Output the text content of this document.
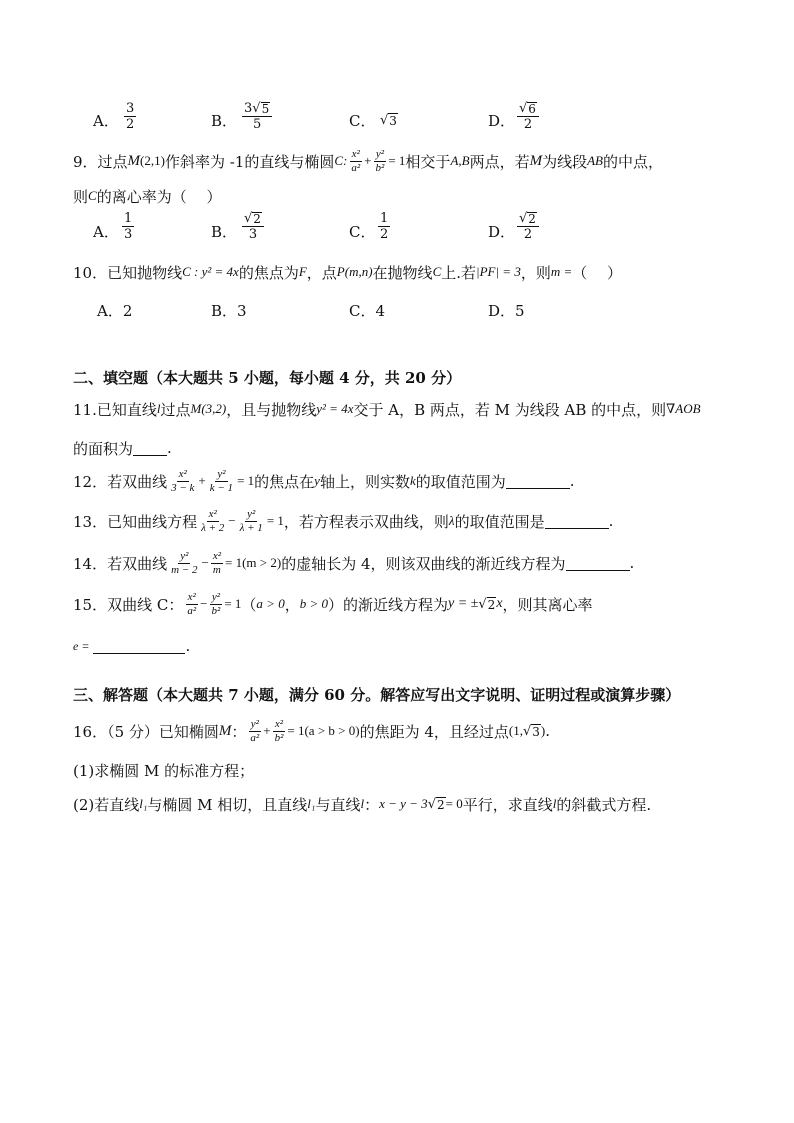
A． $\frac{3}{2}$	B． $\frac{3 √ 5}{5}$	C． √ 3	D． $\frac{√ 6}{2}$
9．过点 M (2,1) 作斜率为 -1的直线与椭圆 C: $\frac{\text{x²}}{\text{a²}} + \frac{\text{y²}}{\text{b²}} = 1$ 相交于 A,B 两点，若 M 为线段 AB 的中点，
则 C 的离心率为（　 ）
A． $\frac{1}{3}$	B． $\frac{√ 2}{3}$	C． $\frac{1}{2}$	D． $\frac{√ 2}{2}$
10．已知抛物线 C : y² = 4x 的焦点为 F ，点 P(m,n) 在抛物线 C 上.若 |PF| = 3 ，则 m = （　 ）
A．2	B．3	C．4	D．5
二、填空题（本大题共 5 小题，每小题 4 分，共 20 分）
11.已知直线 l 过点 M(3,2) ，且与抛物线 y² = 4x 交于 A，B 两点，若 M 为线段 AB 的中点，则 ∇AOB
的面积为 .
12．若双曲线 $\frac{\text{x²}}{3 - k} + \frac{\text{y²}}{k - 1} = 1$ 的焦点在 y 轴上，则实数 k 的取值范围为	.
13．已知曲线方程 $\frac{\text{x²}}{\lambda + 2} - \frac{\text{y²}}{\lambda + 1} = 1$ ，若方程表示双曲线，则 λ 的取值范围是	.
14．若双曲线 $\frac{\text{y²}}{m - 2} - \frac{\text{x²}}{m} = 1(m > 2)$ 的虚轴长为 4，则该双曲线的渐近线方程为	.
15．双曲线 C： $\frac{\text{x²}}{\text{a²}} - \frac{\text{y²}}{\text{b²}} = 1$ （ a > 0 ， b > 0 ）的渐近线方程为 y = ± √ 2 x ，则其离心率
e =	.
三、解答题（本大题共 7 小题，满分 60 分。解答应写出文字说明、证明过程或演算步骤）
16．（5 分）已知椭圆 M ： $\frac{\text{y²}}{\text{a²}} + \frac{\text{x²}}{\text{b²}} = 1(a > b > 0)$ 的焦距为 4，且经过点 (1, √ 3 ) .
(1)求椭圆 M 的标准方程；
(2)若直线 l₁ 与椭圆 M 相切，且直线 l₁ 与直线 l ： x − y − 3 √ 2 = 0 平行，求直线 l 的斜截式方程.
